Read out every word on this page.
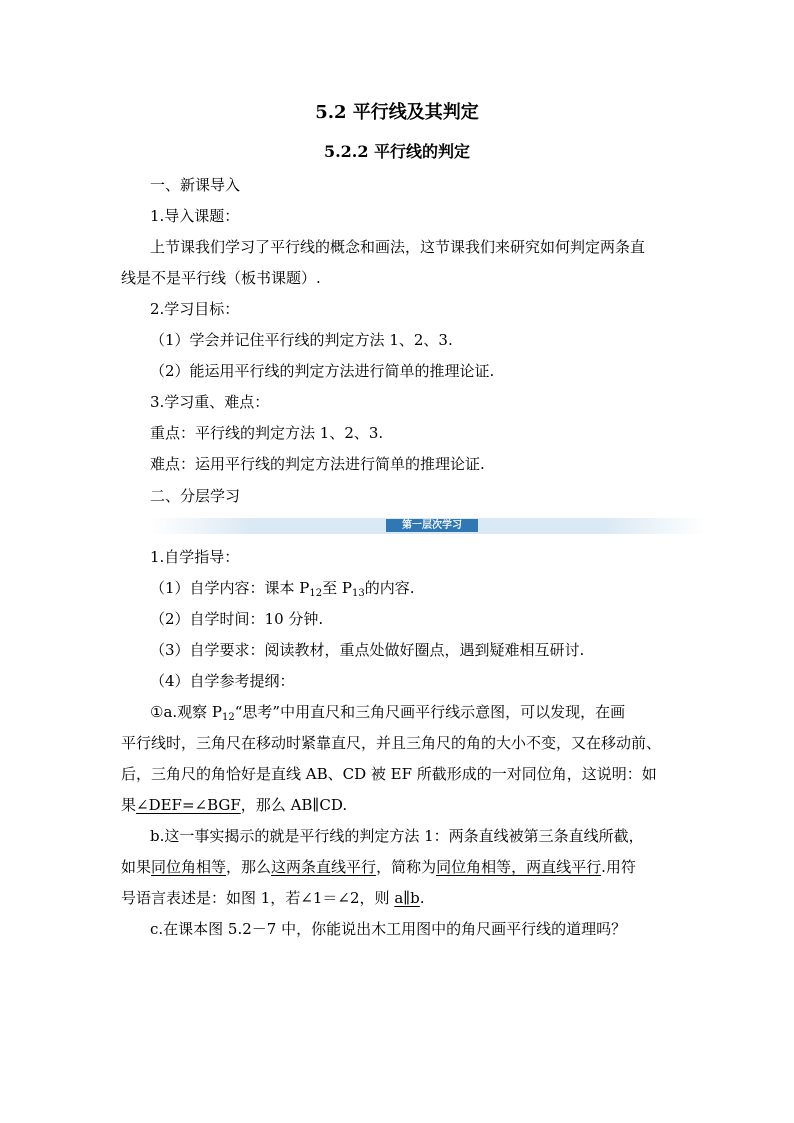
5.2 平行线及其判定
5.2.2 平行线的判定
一、新课导入
1.导入课题：
上节课我们学习了平行线的概念和画法，这节课我们来研究如何判定两条直
线是不是平行线（板书课题）.
2.学习目标：
（1）学会并记住平行线的判定方法 1、2、3.
（2）能运用平行线的判定方法进行简单的推理论证.
3.学习重、难点：
重点：平行线的判定方法 1、2、3.
难点：运用平行线的判定方法进行简单的推理论证.
二、分层学习
第一层次学习
1.自学指导：
（1）自学内容：课本 $P_{12}$至 $P_{13}$的内容.
（2）自学时间：10 分钟.
（3）自学要求：阅读教材，重点处做好圈点，遇到疑难相互研讨.
（4）自学参考提纲：
①a.观察 $P_{12}“$思考”中用直尺和三角尺画平行线示意图，可以发现，在画
平行线时，三角尺在移动时紧靠直尺，并且三角尺的角的大小不变，又在移动前、
后，三角尺的角恰好是直线 AB、CD 被 EF 所截形成的一对同位角，这说明：如
果∠DEF=∠BGF，那么 AB∥CD.
b.这一事实揭示的就是平行线的判定方法 1：两条直线被第三条直线所截，
如果同位角相等，那么这两条直线平行，简称为同位角相等，两直线平行.用符
号语言表述是：如图 1，若∠1＝∠2，则 a∥b.
c.在课本图 5.2－7 中，你能说出木工用图中的角尺画平行线的道理吗？
